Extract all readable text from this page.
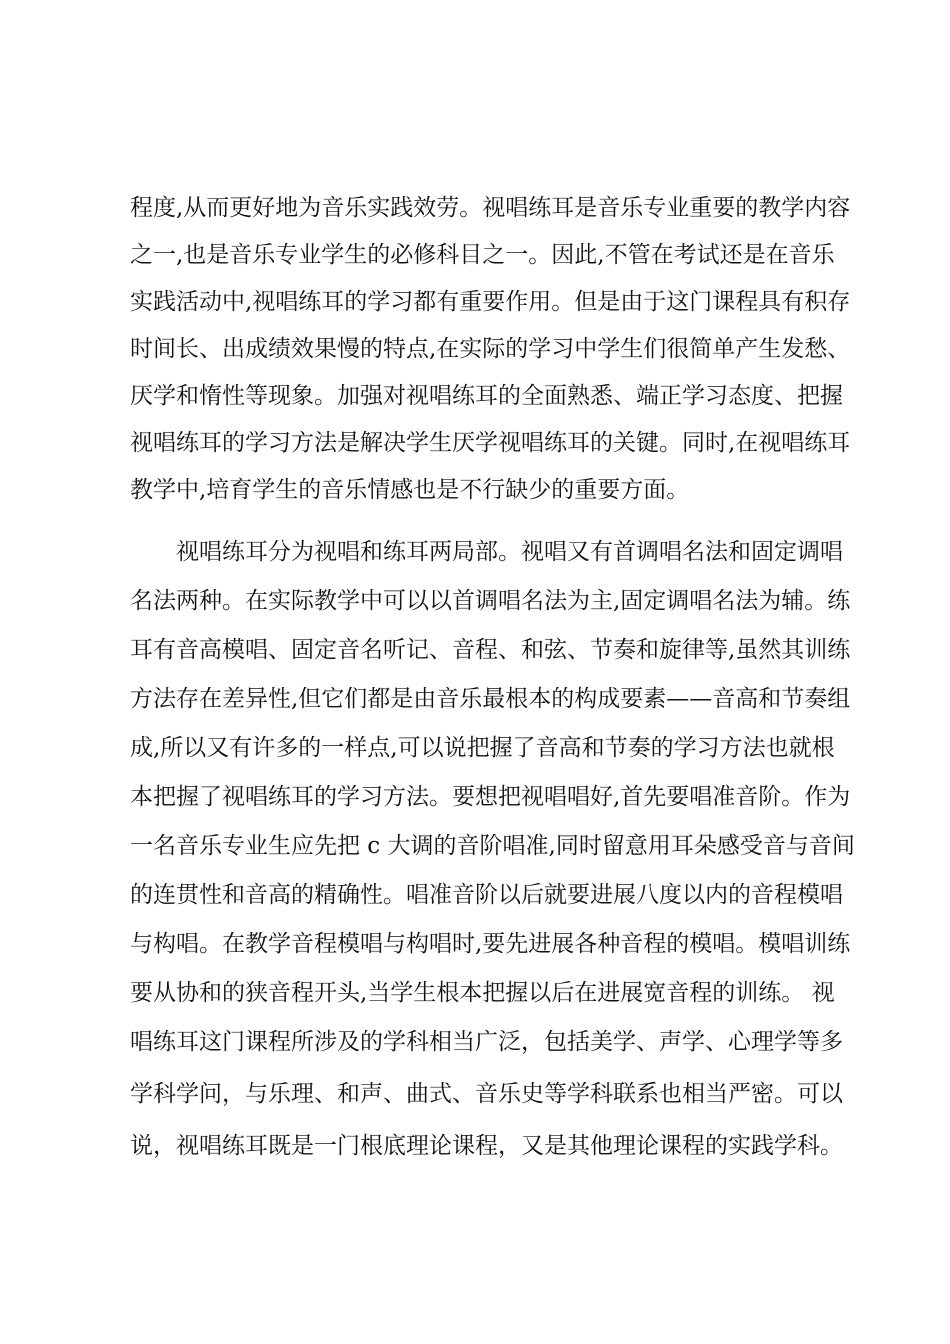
程度,从而更好地为音乐实践效劳。视唱练耳是音乐专业重要的教学内容
之一,也是音乐专业学生的必修科目之一。因此,不管在考试还是在音乐
实践活动中,视唱练耳的学习都有重要作用。但是由于这门课程具有积存
时间长、出成绩效果慢的特点,在实际的学习中学生们很简单产生发愁、
厌学和惰性等现象。加强对视唱练耳的全面熟悉、端正学习态度、把握
视唱练耳的学习方法是解决学生厌学视唱练耳的关键。同时,在视唱练耳
教学中,培育学生的音乐情感也是不行缺少的重要方面。
视唱练耳分为视唱和练耳两局部。视唱又有首调唱名法和固定调唱
名法两种。在实际教学中可以以首调唱名法为主,固定调唱名法为辅。练
耳有音高模唱、固定音名听记、音程、和弦、节奏和旋律等,虽然其训练
方法存在差异性,但它们都是由音乐最根本的构成要素——音高和节奏组
成,所以又有许多的一样点,可以说把握了音高和节奏的学习方法也就根
本把握了视唱练耳的学习方法。要想把视唱唱好,首先要唱准音阶。作为
一名音乐专业生应先把 c 大调的音阶唱准,同时留意用耳朵感受音与音间
的连贯性和音高的精确性。唱准音阶以后就要进展八度以内的音程模唱
与构唱。在教学音程模唱与构唱时,要先进展各种音程的模唱。模唱训练
要从协和的狭音程开头,当学生根本把握以后在进展宽音程的训练。 视
唱练耳这门课程所涉及的学科相当广泛，包括美学、声学、心理学等多
学科学问，与乐理、和声、曲式、音乐史等学科联系也相当严密。可以
说，视唱练耳既是一门根底理论课程，又是其他理论课程的实践学科。
